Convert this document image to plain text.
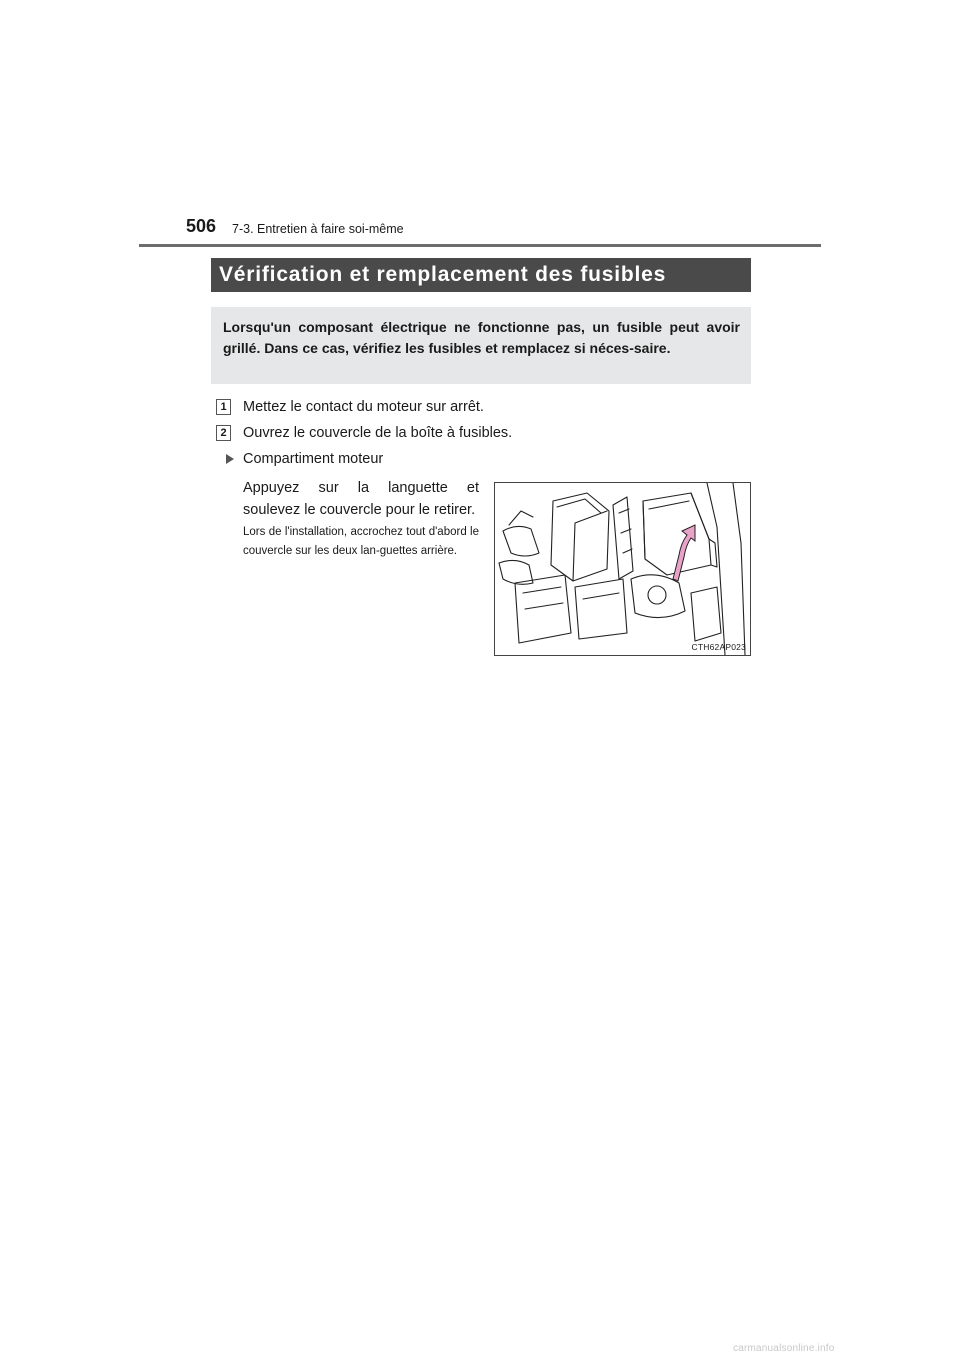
506 7-3. Entretien à faire soi-même
Vérification et remplacement des fusibles
Lorsqu'un composant électrique ne fonctionne pas, un fusible peut avoir grillé. Dans ce cas, vérifiez les fusibles et remplacez si néces-saire.
1	Mettez le contact du moteur sur arrêt.
2	Ouvrez le couvercle de la boîte à fusibles.
Compartiment moteur
Appuyez sur la languette et soulevez le couvercle pour le retirer.
Lors de l'installation, accrochez tout d'abord le couvercle sur les deux lan-guettes arrière.
CTH62AP023
carmanualsonline.info
